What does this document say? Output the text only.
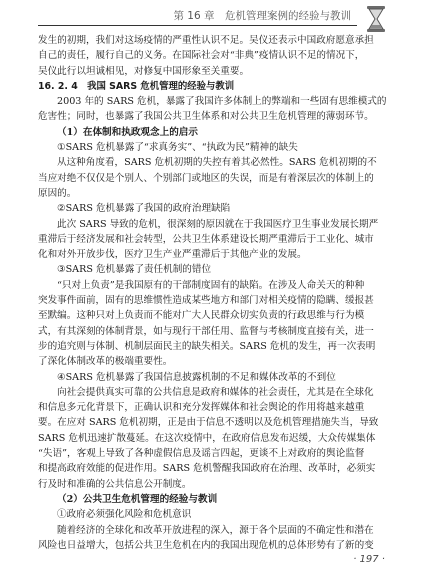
第 16 章　危机管理案例的经验与教训
发生的初期，我们对这场疫情的严重性认识不足。吴仪还表示中国政府愿意承担
自己的责任，履行自己的义务。在国际社会对“非典”疫情认识不足的情况下，
吴仪此行以坦诚相见，对修复中国形象至关重要。
16. 2. 4　我国 SARS 危机管理的经验与教训
2003 年的 SARS 危机，暴露了我国许多体制上的弊端和一些固有思维模式的
危害性；同时，也暴露了我国公共卫生体系和对公共卫生危机管理的薄弱环节。
（1）在体制和执政观念上的启示
①SARS 危机暴露了“求真务实”、“执政为民”精神的缺失
从这种角度看，SARS 危机初期的失控有着其必然性。SARS 危机初期的不
当应对绝不仅仅是个别人、个别部门或地区的失误，而是有着深层次的体制上的
原因的。
②SARS 危机暴露了我国的政府治理缺陷
此次 SARS 导致的危机，很深刻的原因就在于我国医疗卫生事业发展长期严
重滞后于经济发展和社会转型，公共卫生体系建设长期严重滞后于工业化、城市
化和对外开放步伐，医疗卫生产业严重滞后于其他产业的发展。
③SARS 危机暴露了责任机制的错位
“只对上负责”是我国原有的干部制度固有的缺陷。在涉及人命关天的种种
突发事件面前，固有的思维惯性造成某些地方和部门对相关疫情的隐瞒、缓报甚
至默编。这种只对上负责而不能对广大人民群众切实负责的行政思维与行为模
式，有其深刻的体制背景，如与现行干部任用、监督与考核制度直接有关，进一
步的追究则与体制、机制层面民主的缺失相关。SARS 危机的发生，再一次表明
了深化体制改革的极端重要性。
④SARS 危机暴露了我国信息披露机制的不足和媒体改革的不到位
向社会提供真实可靠的公共信息是政府和媒体的社会责任，尤其是在全球化
和信息多元化背景下，正确认识和充分发挥媒体和社会舆论的作用将越来越重
要。在应对 SARS 危机初期，正是由于信息不透明以及危机管理措施失当，导致
SARS 危机迅速扩散蔓延。在这次疫情中，在政府信息发布迟缓，大众传媒集体
“失语”，客观上导致了各种虚假信息及谣言四起，更谈不上对政府的舆论监督
和提高政府效能的促进作用。SARS 危机警醒我国政府在治理、改革时，必须实
行及时和准确的公共信息公开制度。
（2）公共卫生危机管理的经验与教训
①政府必须强化风险和危机意识
随着经济的全球化和改革开放进程的深入，源于各个层面的不确定性和潜在
风险也日益增大，包括公共卫生危机在内的我国出现危机的总体形势有了新的变
· 197 ·
